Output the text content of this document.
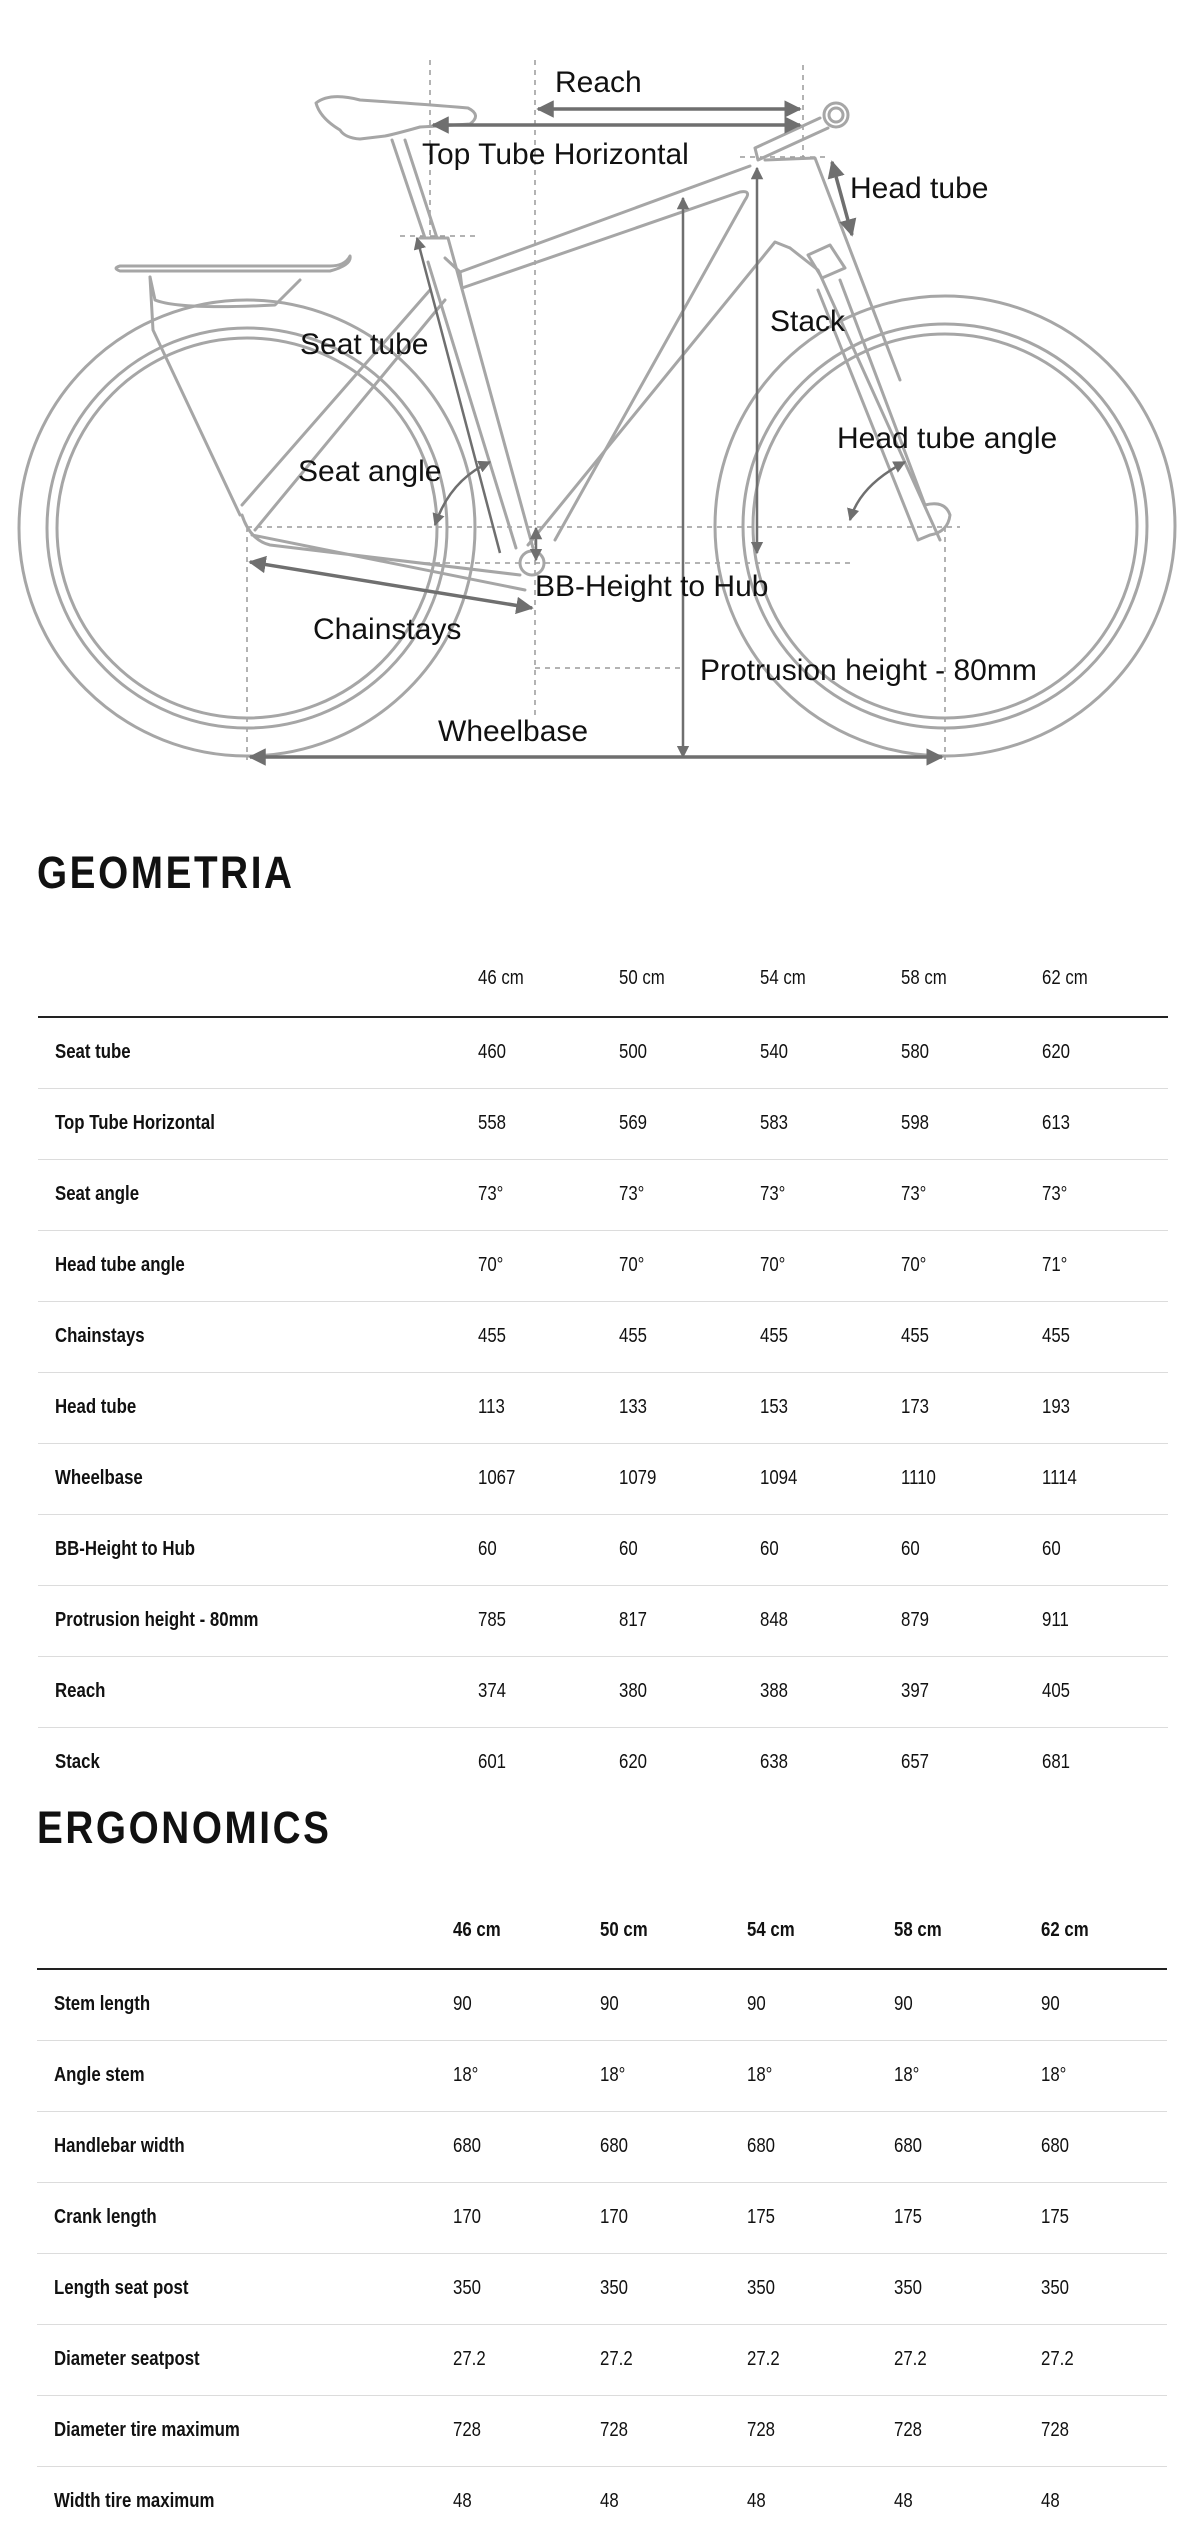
Reach
Top Tube Horizontal
Head tube
Seat tube
Stack
Head tube angle
Seat angle
BB-Height to Hub
Chainstays
Protrusion height - 80mm
Wheelbase
GEOMETRIA
	46 cm	50 cm	54 cm	58 cm	62 cm
Seat tube	460	500	540	580	620
Top Tube Horizontal	558	569	583	598	613
Seat angle	73°	73°	73°	73°	73°
Head tube angle	70°	70°	70°	70°	71°
Chainstays	455	455	455	455	455
Head tube	113	133	153	173	193
Wheelbase	1067	1079	1094	1110	1114
BB-Height to Hub	60	60	60	60	60
Protrusion height - 80mm	785	817	848	879	911
Reach	374	380	388	397	405
Stack	601	620	638	657	681
ERGONOMICS
	46 cm	50 cm	54 cm	58 cm	62 cm
Stem length	90	90	90	90	90
Angle stem	18°	18°	18°	18°	18°
Handlebar width	680	680	680	680	680
Crank length	170	170	175	175	175
Length seat post	350	350	350	350	350
Diameter seatpost	27.2	27.2	27.2	27.2	27.2
Diameter tire maximum	728	728	728	728	728
Width tire maximum	48	48	48	48	48
